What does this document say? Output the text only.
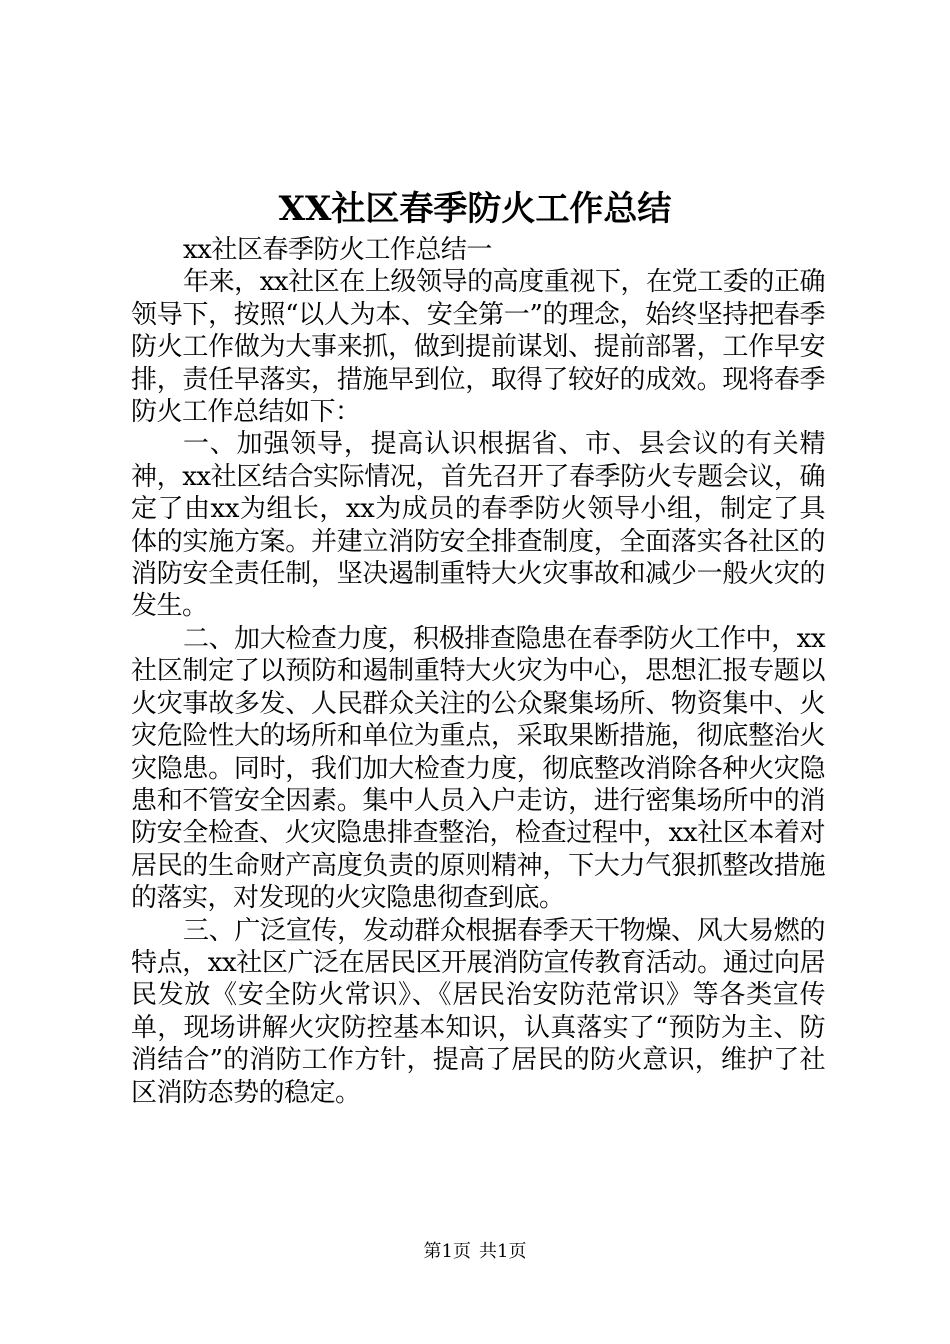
XX社区春季防火工作总结

xx社区春季防火工作总结一

年来，xx社区在上级领导的高度重视下，在党工委的正确领导下，按照“以人为本、安全第一”的理念，始终坚持把春季防火工作做为大事来抓，做到提前谋划、提前部署，工作早安排，责任早落实，措施早到位，取得了较好的成效。现将春季防火工作总结如下：

一、加强领导，提高认识根据省、市、县会议的有关精神，xx社区结合实际情况，首先召开了春季防火专题会议，确定了由xx为组长，xx为成员的春季防火领导小组，制定了具体的实施方案。并建立消防安全排查制度，全面落实各社区的消防安全责任制，坚决遏制重特大火灾事故和减少一般火灾的发生。

二、加大检查力度，积极排查隐患在春季防火工作中，xx社区制定了以预防和遏制重特大火灾为中心，思想汇报专题以火灾事故多发、人民群众关注的公众聚集场所、物资集中、火灾危险性大的场所和单位为重点，采取果断措施，彻底整治火灾隐患。同时，我们加大检查力度，彻底整改消除各种火灾隐患和不管安全因素。集中人员入户走访，进行密集场所中的消防安全检查、火灾隐患排查整治，检查过程中，xx社区本着对居民的生命财产高度负责的原则精神，下大力气狠抓整改措施的落实，对发现的火灾隐患彻查到底。

三、广泛宣传，发动群众根据春季天干物燥、风大易燃的特点，xx社区广泛在居民区开展消防宣传教育活动。通过向居民发放《安全防火常识》、《居民治安防范常识》等各类宣传单，现场讲解火灾防控基本知识，认真落实了“预防为主、防消结合”的消防工作方针，提高了居民的防火意识，维护了社区消防态势的稳定。

第1页 共1页
